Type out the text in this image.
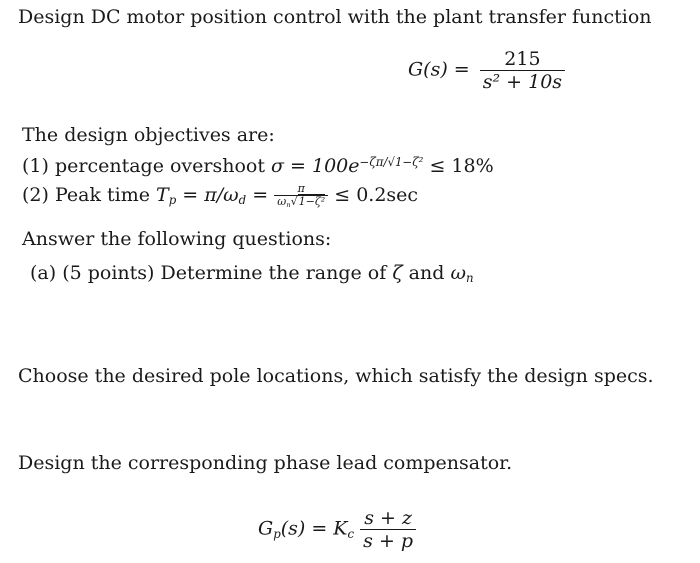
Design DC motor position control with the plant transfer function
$G(s) = \frac{215}{\text{s² + 10s}}$
The design objectives are:
(1) percentage overshoot $\sigma = 100e^{-\zeta\pi/√1-\zeta^2} \le 18\%$
(2) Peak time $Tp = \pi/\omega d = \frac{\pi}{\text{ωn√1−ζ²}} \le 0.2\sec$
Answer the following questions:
(a) (5 points) Determine the range of ζ and ωn
Choose the desired pole locations, which satisfy the design specs.
Design the corresponding phase lead compensator.
Gp(s) = Kc $\frac{s + z}{s + p}$
